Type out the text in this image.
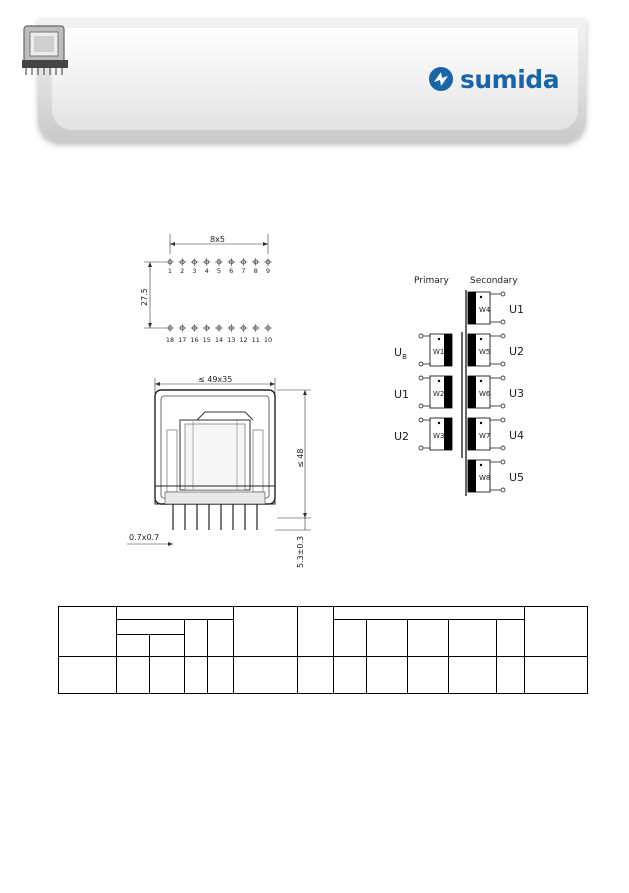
sumida
8x5
27.5
1 2 3 4 5 6 7 8 9
18 17 16 15 14 13 12 11 10
≤ 49x35
≤ 48
0.7x0.7	5.3±0.3
Primary Secondary
W1
$U_B$
W2
U1
W3
U2
W4 U1
W5 U2
W6 U3
W7 U4
W8 U5
